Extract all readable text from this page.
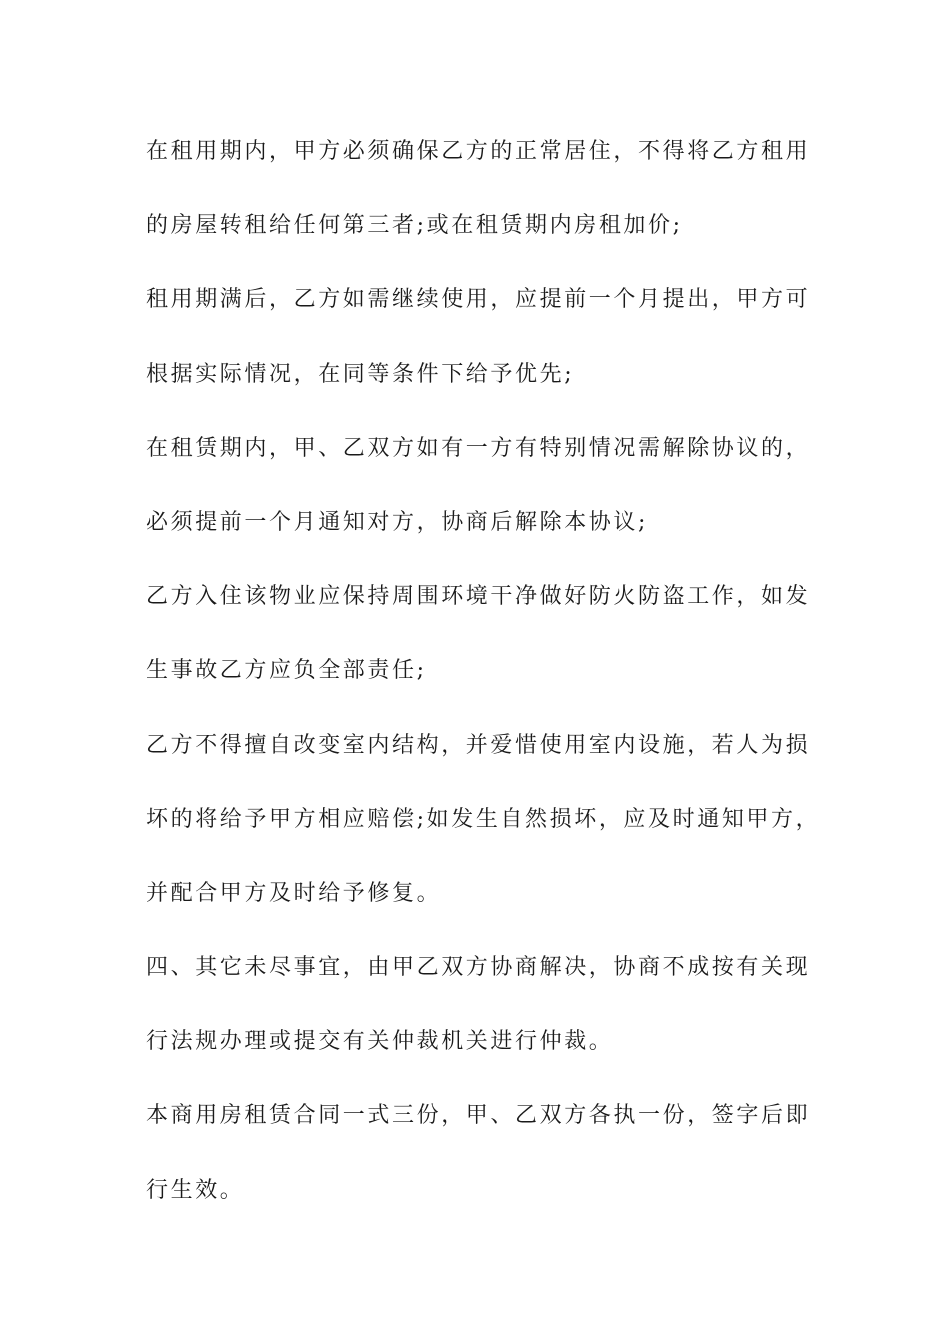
在租用期内，甲方必须确保乙方的正常居住，不得将乙方租用
的房屋转租给任何第三者;或在租赁期内房租加价;
租用期满后，乙方如需继续使用，应提前一个月提出，甲方可
根据实际情况，在同等条件下给予优先;
在租赁期内，甲、乙双方如有一方有特别情况需解除协议的，
必须提前一个月通知对方，协商后解除本协议;
乙方入住该物业应保持周围环境干净做好防火防盗工作，如发
生事故乙方应负全部责任;
乙方不得擅自改变室内结构，并爱惜使用室内设施，若人为损
坏的将给予甲方相应赔偿;如发生自然损坏，应及时通知甲方，
并配合甲方及时给予修复。
四、其它未尽事宜，由甲乙双方协商解决，协商不成按有关现
行法规办理或提交有关仲裁机关进行仲裁。
本商用房租赁合同一式三份，甲、乙双方各执一份，签字后即
行生效。
